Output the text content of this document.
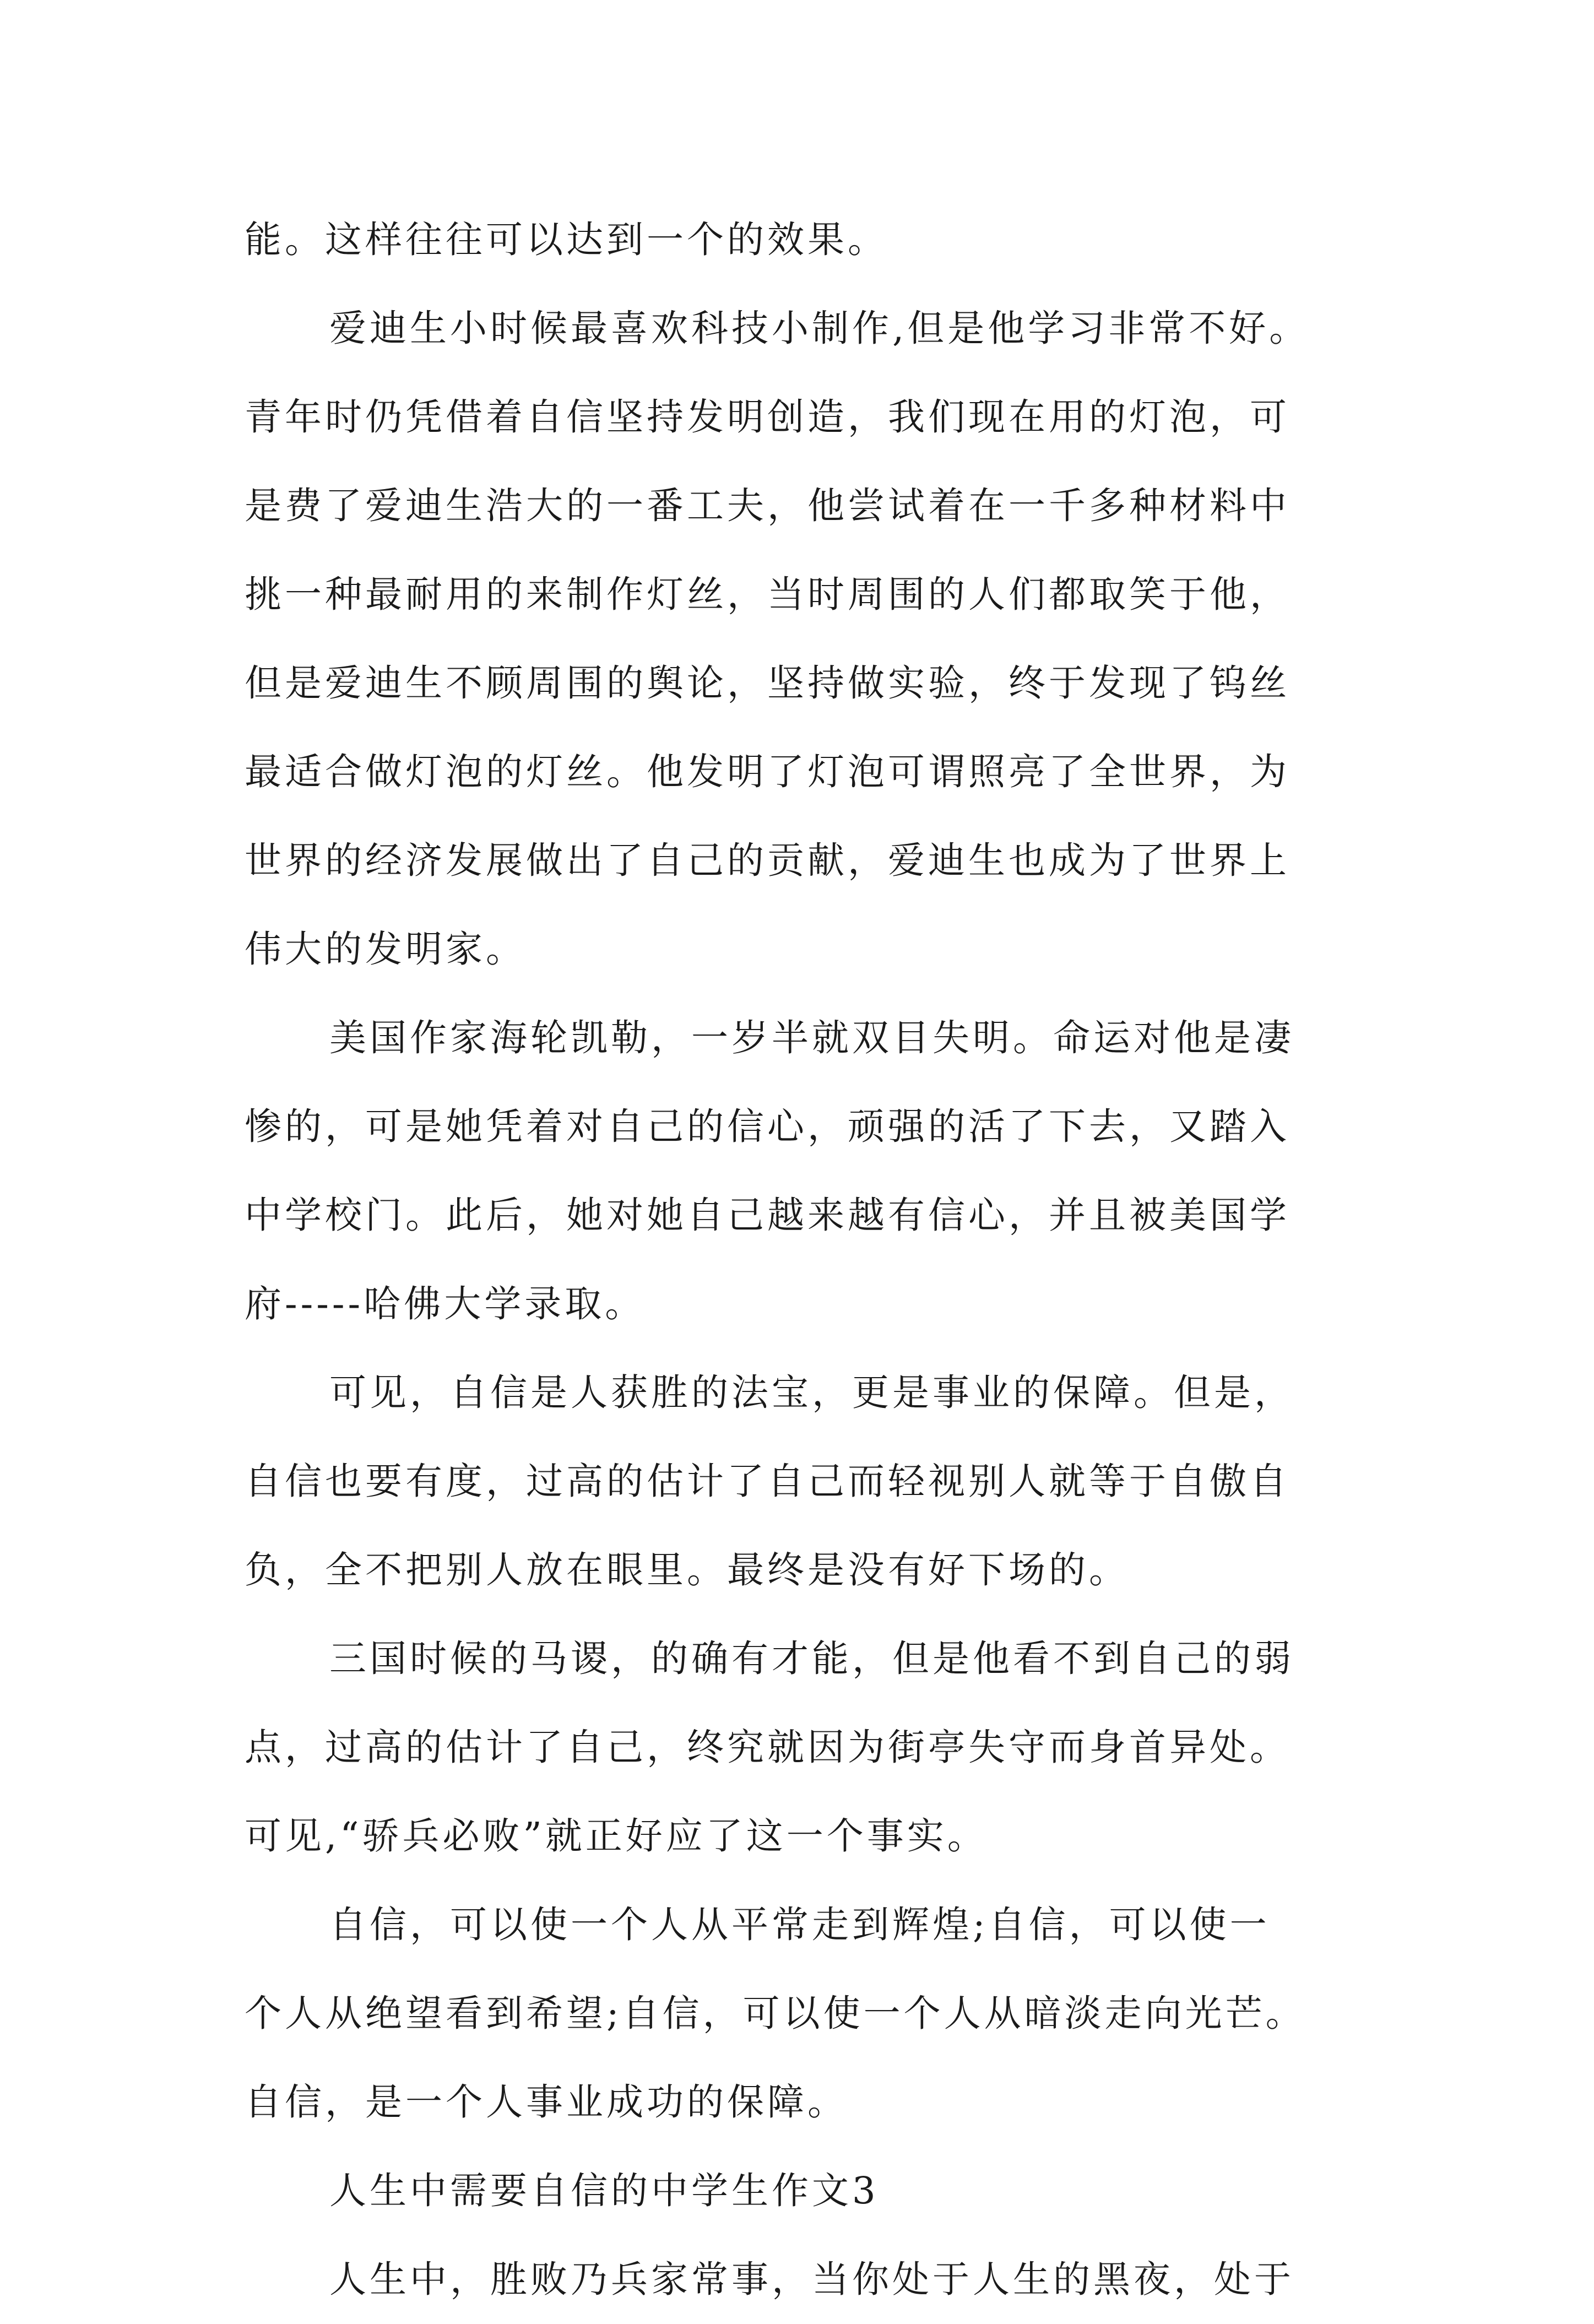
能。这样往往可以达到一个的效果。
爱迪生小时候最喜欢科技小制作,但是他学习非常不好。
青年时仍凭借着自信坚持发明创造，我们现在用的灯泡，可
是费了爱迪生浩大的一番工夫，他尝试着在一千多种材料中
挑一种最耐用的来制作灯丝，当时周围的人们都取笑于他，
但是爱迪生不顾周围的舆论，坚持做实验，终于发现了钨丝
最适合做灯泡的灯丝。他发明了灯泡可谓照亮了全世界，为
世界的经济发展做出了自己的贡献，爱迪生也成为了世界上
伟大的发明家。
美国作家海轮凯勒，一岁半就双目失明。命运对他是凄
惨的，可是她凭着对自己的信心，顽强的活了下去，又踏入
中学校门。此后，她对她自己越来越有信心，并且被美国学
府-----哈佛大学录取。
可见，自信是人获胜的法宝，更是事业的保障。但是，
自信也要有度，过高的估计了自己而轻视别人就等于自傲自
负，全不把别人放在眼里。最终是没有好下场的。
三国时候的马谡，的确有才能，但是他看不到自己的弱
点，过高的估计了自己，终究就因为街亭失守而身首异处。
可见,“骄兵必败”就正好应了这一个事实。
自信，可以使一个人从平常走到辉煌;自信，可以使一
个人从绝望看到希望;自信，可以使一个人从暗淡走向光芒。
自信，是一个人事业成功的保障。
人生中需要自信的中学生作文3
人生中，胜败乃兵家常事，当你处于人生的黑夜，处于
